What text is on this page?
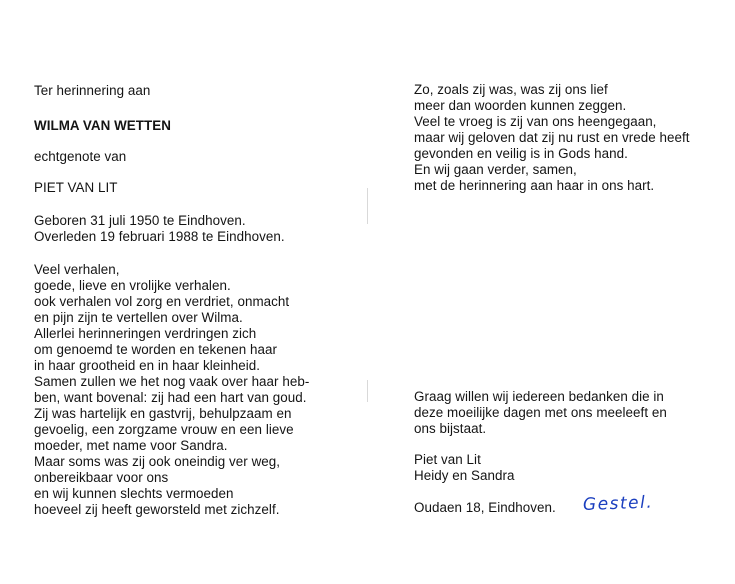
Ter herinnering aan
WILMA VAN WETTEN
echtgenote van
PIET VAN LIT
Geboren 31 juli 1950 te Eindhoven.
Overleden 19 februari 1988 te Eindhoven.
Veel verhalen,
goede, lieve en vrolijke verhalen.
ook verhalen vol zorg en verdriet, onmacht
en pijn zijn te vertellen over Wilma.
Allerlei herinneringen verdringen zich
om genoemd te worden en tekenen haar
in haar grootheid en in haar kleinheid.
Samen zullen we het nog vaak over haar heb-
ben, want bovenal: zij had een hart van goud.
Zij was hartelijk en gastvrij, behulpzaam en
gevoelig, een zorgzame vrouw en een lieve
moeder, met name voor Sandra.
Maar soms was zij ook oneindig ver weg,
onbereikbaar voor ons
en wij kunnen slechts vermoeden
hoeveel zij heeft geworsteld met zichzelf.
Zo, zoals zij was, was zij ons lief
meer dan woorden kunnen zeggen.
Veel te vroeg is zij van ons heengegaan,
maar wij geloven dat zij nu rust en vrede heeft
gevonden en veilig is in Gods hand.
En wij gaan verder, samen,
met de herinnering aan haar in ons hart.
Graag willen wij iedereen bedanken die in
deze moeilijke dagen met ons meeleeft en
ons bijstaat.
Piet van Lit
Heidy en Sandra
Oudaen 18, Eindhoven. Gestel.
